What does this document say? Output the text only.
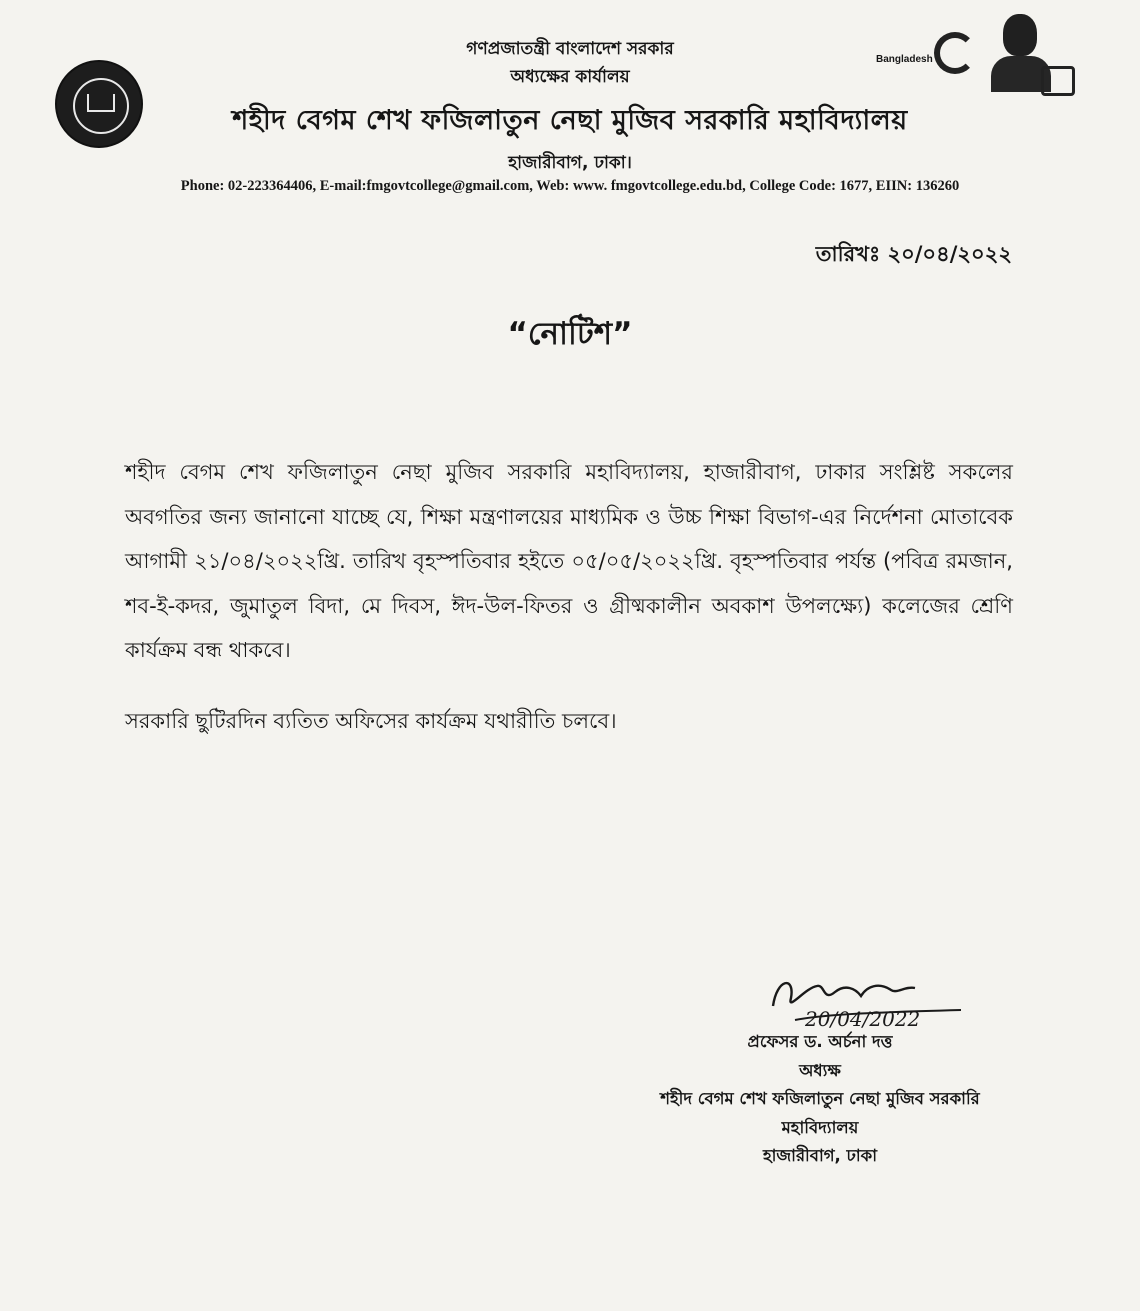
গণপ্রজাতন্ত্রী বাংলাদেশ সরকার
অধ্যক্ষের কার্যালয়
Bangladesh
শহীদ বেগম শেখ ফজিলাতুন নেছা মুজিব সরকারি মহাবিদ্যালয়
হাজারীবাগ, ঢাকা।
Phone: 02-223364406, E-mail:fmgovtcollege@gmail.com, Web: www. fmgovtcollege.edu.bd, College Code: 1677, EIIN: 136260
তারিখঃ ২০/০৪/২০২২
“নোটিশ”

শহীদ বেগম শেখ ফজিলাতুন নেছা মুজিব সরকারি মহাবিদ্যালয়, হাজারীবাগ, ঢাকার সংশ্লিষ্ট সকলের অবগতির জন্য জানানো যাচ্ছে যে, শিক্ষা মন্ত্রণালয়ের মাধ্যমিক ও উচ্চ শিক্ষা বিভাগ-এর নির্দেশনা মোতাবেক আগামী ২১/০৪/২০২২খ্রি. তারিখ বৃহস্পতিবার হইতে ০৫/০৫/২০২২খ্রি. বৃহস্পতিবার পর্যন্ত (পবিত্র রমজান, শব-ই-কদর, জুমাতুল বিদা, মে দিবস, ঈদ-উল-ফিতর ও গ্রীষ্মকালীন অবকাশ উপলক্ষ্যে) কলেজের শ্রেণি কার্যক্রম বন্ধ থাকবে।

সরকারি ছুটিরদিন ব্যতিত অফিসের কার্যক্রম যথারীতি চলবে।

20/04/2022
প্রফেসর ড. অর্চনা দত্ত
অধ্যক্ষ
শহীদ বেগম শেখ ফজিলাতুন নেছা মুজিব সরকারি
মহাবিদ্যালয়
হাজারীবাগ, ঢাকা
